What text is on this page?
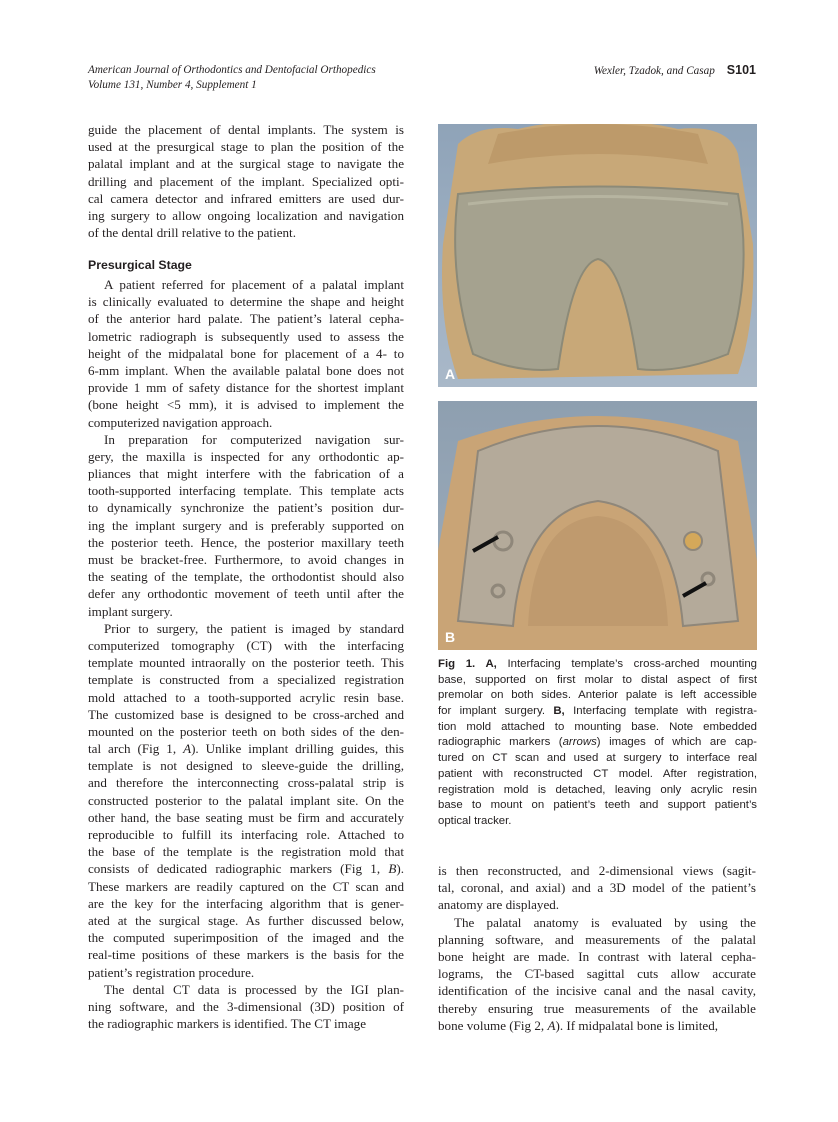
American Journal of Orthodontics and Dentofacial Orthopedics
Volume 131, Number 4, Supplement 1
Wexler, Tzadok, and Casap S101
guide the placement of dental implants. The system is
used at the presurgical stage to plan the position of the
palatal implant and at the surgical stage to navigate the
drilling and placement of the implant. Specialized opti-
cal camera detector and infrared emitters are used dur-
ing surgery to allow ongoing localization and navigation
of the dental drill relative to the patient.
Presurgical Stage
A patient referred for placement of a palatal implant
is clinically evaluated to determine the shape and height
of the anterior hard palate. The patient’s lateral cepha-
lometric radiograph is subsequently used to assess the
height of the midpalatal bone for placement of a 4- to
6-mm implant. When the available palatal bone does not
provide 1 mm of safety distance for the shortest implant
(bone height <5 mm), it is advised to implement the
computerized navigation approach.
In preparation for computerized navigation sur-
gery, the maxilla is inspected for any orthodontic ap-
pliances that might interfere with the fabrication of a
tooth-supported interfacing template. This template acts
to dynamically synchronize the patient’s position dur-
ing the implant surgery and is preferably supported on
the posterior teeth. Hence, the posterior maxillary teeth
must be bracket-free. Furthermore, to avoid changes in
the seating of the template, the orthodontist should also
defer any orthodontic movement of teeth until after the
implant surgery.
Prior to surgery, the patient is imaged by standard
computerized tomography (CT) with the interfacing
template mounted intraorally on the posterior teeth. This
template is constructed from a specialized registration
mold attached to a tooth-supported acrylic resin base.
The customized base is designed to be cross-arched and
mounted on the posterior teeth on both sides of the den-
tal arch (Fig 1, A). Unlike implant drilling guides, this
template is not designed to sleeve-guide the drilling,
and therefore the interconnecting cross-palatal strip is
constructed posterior to the palatal implant site. On the
other hand, the base seating must be firm and accurately
reproducible to fulfill its interfacing role. Attached to
the base of the template is the registration mold that
consists of dedicated radiographic markers (Fig 1, B).
These markers are readily captured on the CT scan and
are the key for the interfacing algorithm that is gener-
ated at the surgical stage. As further discussed below,
the computed superimposition of the imaged and the
real-time positions of these markers is the basis for the
patient’s registration procedure.
The dental CT data is processed by the IGI plan-
ning software, and the 3-dimensional (3D) position of
the radiographic markers is identified. The CT image
is then reconstructed, and 2-dimensional views (sagit-
tal, coronal, and axial) and a 3D model of the patient’s
anatomy are displayed.
The palatal anatomy is evaluated by using the
planning software, and measurements of the palatal
bone height are made. In contrast with lateral cepha-
lograms, the CT-based sagittal cuts allow accurate
identification of the incisive canal and the nasal cavity,
thereby ensuring true measurements of the available
bone volume (Fig 2, A). If midpalatal bone is limited,
A
B
Fig 1. A, Interfacing template’s cross-arched mounting
base, supported on first molar to distal aspect of first
premolar on both sides. Anterior palate is left accessible
for implant surgery. B, Interfacing template with registra-
tion mold attached to mounting base. Note embedded
radiographic markers (arrows) images of which are cap-
tured on CT scan and used at surgery to interface real
patient with reconstructed CT model. After registration,
registration mold is detached, leaving only acrylic resin
base to mount on patient’s teeth and support patient’s
optical tracker.
